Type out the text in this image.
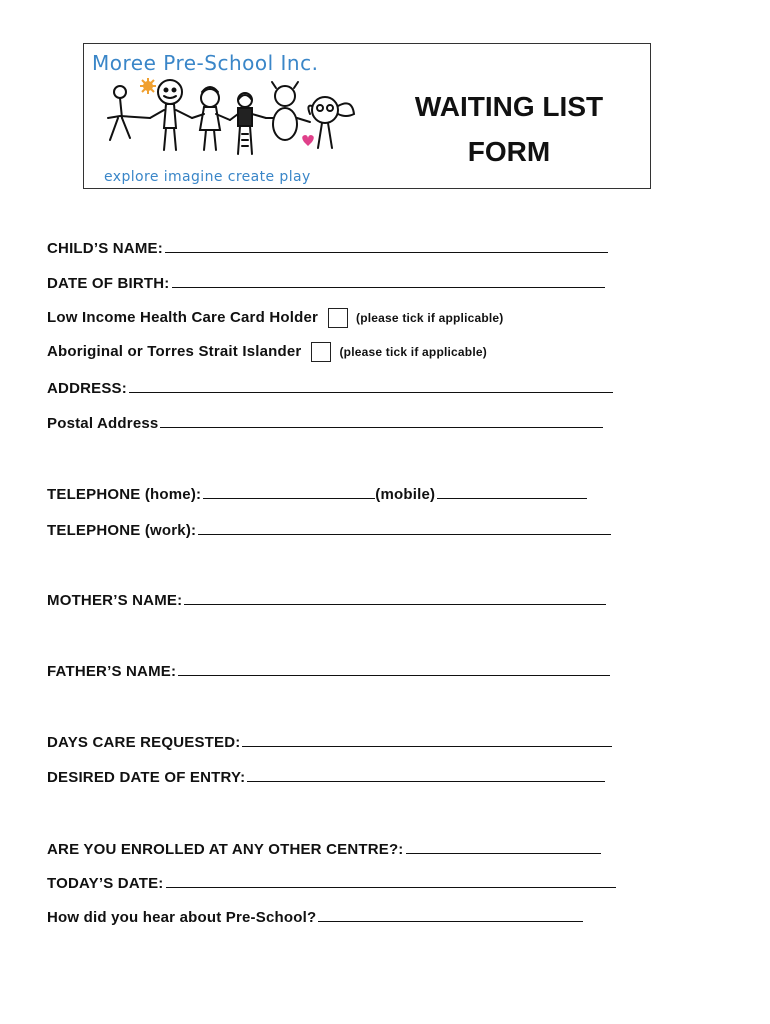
Moree Pre-School Inc.
explore imagine create play
WAITING LIST
FORM
CHILD’S NAME:
DATE OF BIRTH:
Low Income Health Care Card Holder	(please tick if applicable)
Aboriginal or Torres Strait Islander	(please tick if applicable)
ADDRESS:
Postal Address
TELEPHONE (home):	(mobile)
TELEPHONE (work):
MOTHER’S NAME:
FATHER’S NAME:
DAYS CARE REQUESTED:
DESIRED DATE OF ENTRY:
ARE YOU ENROLLED AT ANY OTHER CENTRE?:
TODAY’S DATE:
How did you hear about Pre-School?
